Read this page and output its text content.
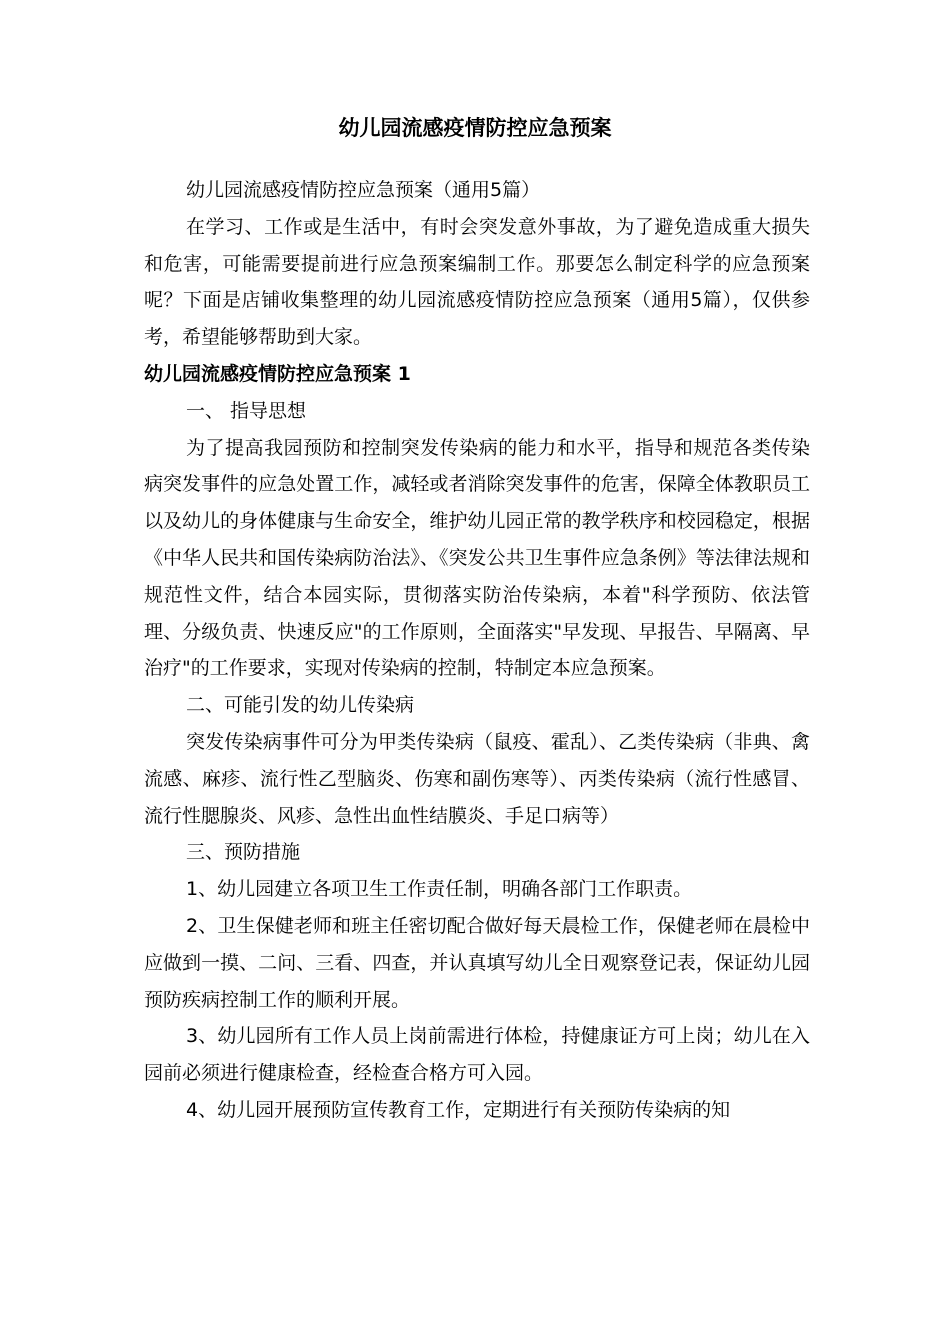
幼儿园流感疫情防控应急预案

幼儿园流感疫情防控应急预案（通用5篇）

在学习、工作或是生活中，有时会突发意外事故，为了避免造成重大损失和危害，可能需要提前进行应急预案编制工作。那要怎么制定科学的应急预案呢？下面是店铺收集整理的幼儿园流感疫情防控应急预案（通用5篇），仅供参考，希望能够帮助到大家。

幼儿园流感疫情防控应急预案 1

一、 指导思想

为了提高我园预防和控制突发传染病的能力和水平，指导和规范各类传染病突发事件的应急处置工作，减轻或者消除突发事件的危害，保障全体教职员工以及幼儿的身体健康与生命安全，维护幼儿园正常的教学秩序和校园稳定，根据《中华人民共和国传染病防治法》、《突发公共卫生事件应急条例》等法律法规和规范性文件，结合本园实际，贯彻落实防治传染病，本着"科学预防、依法管理、分级负责、快速反应"的工作原则，全面落实"早发现、早报告、早隔离、早治疗"的工作要求，实现对传染病的控制，特制定本应急预案。

二、可能引发的幼儿传染病

突发传染病事件可分为甲类传染病（鼠疫、霍乱）、乙类传染病（非典、禽流感、麻疹、流行性乙型脑炎、伤寒和副伤寒等）、丙类传染病（流行性感冒、流行性腮腺炎、风疹、急性出血性结膜炎、手足口病等）

三、预防措施

1、幼儿园建立各项卫生工作责任制，明确各部门工作职责。

2、卫生保健老师和班主任密切配合做好每天晨检工作，保健老师在晨检中应做到一摸、二问、三看、四查，并认真填写幼儿全日观察登记表，保证幼儿园预防疾病控制工作的顺利开展。

3、幼儿园所有工作人员上岗前需进行体检，持健康证方可上岗；幼儿在入园前必须进行健康检查，经检查合格方可入园。

4、幼儿园开展预防宣传教育工作，定期进行有关预防传染病的知
